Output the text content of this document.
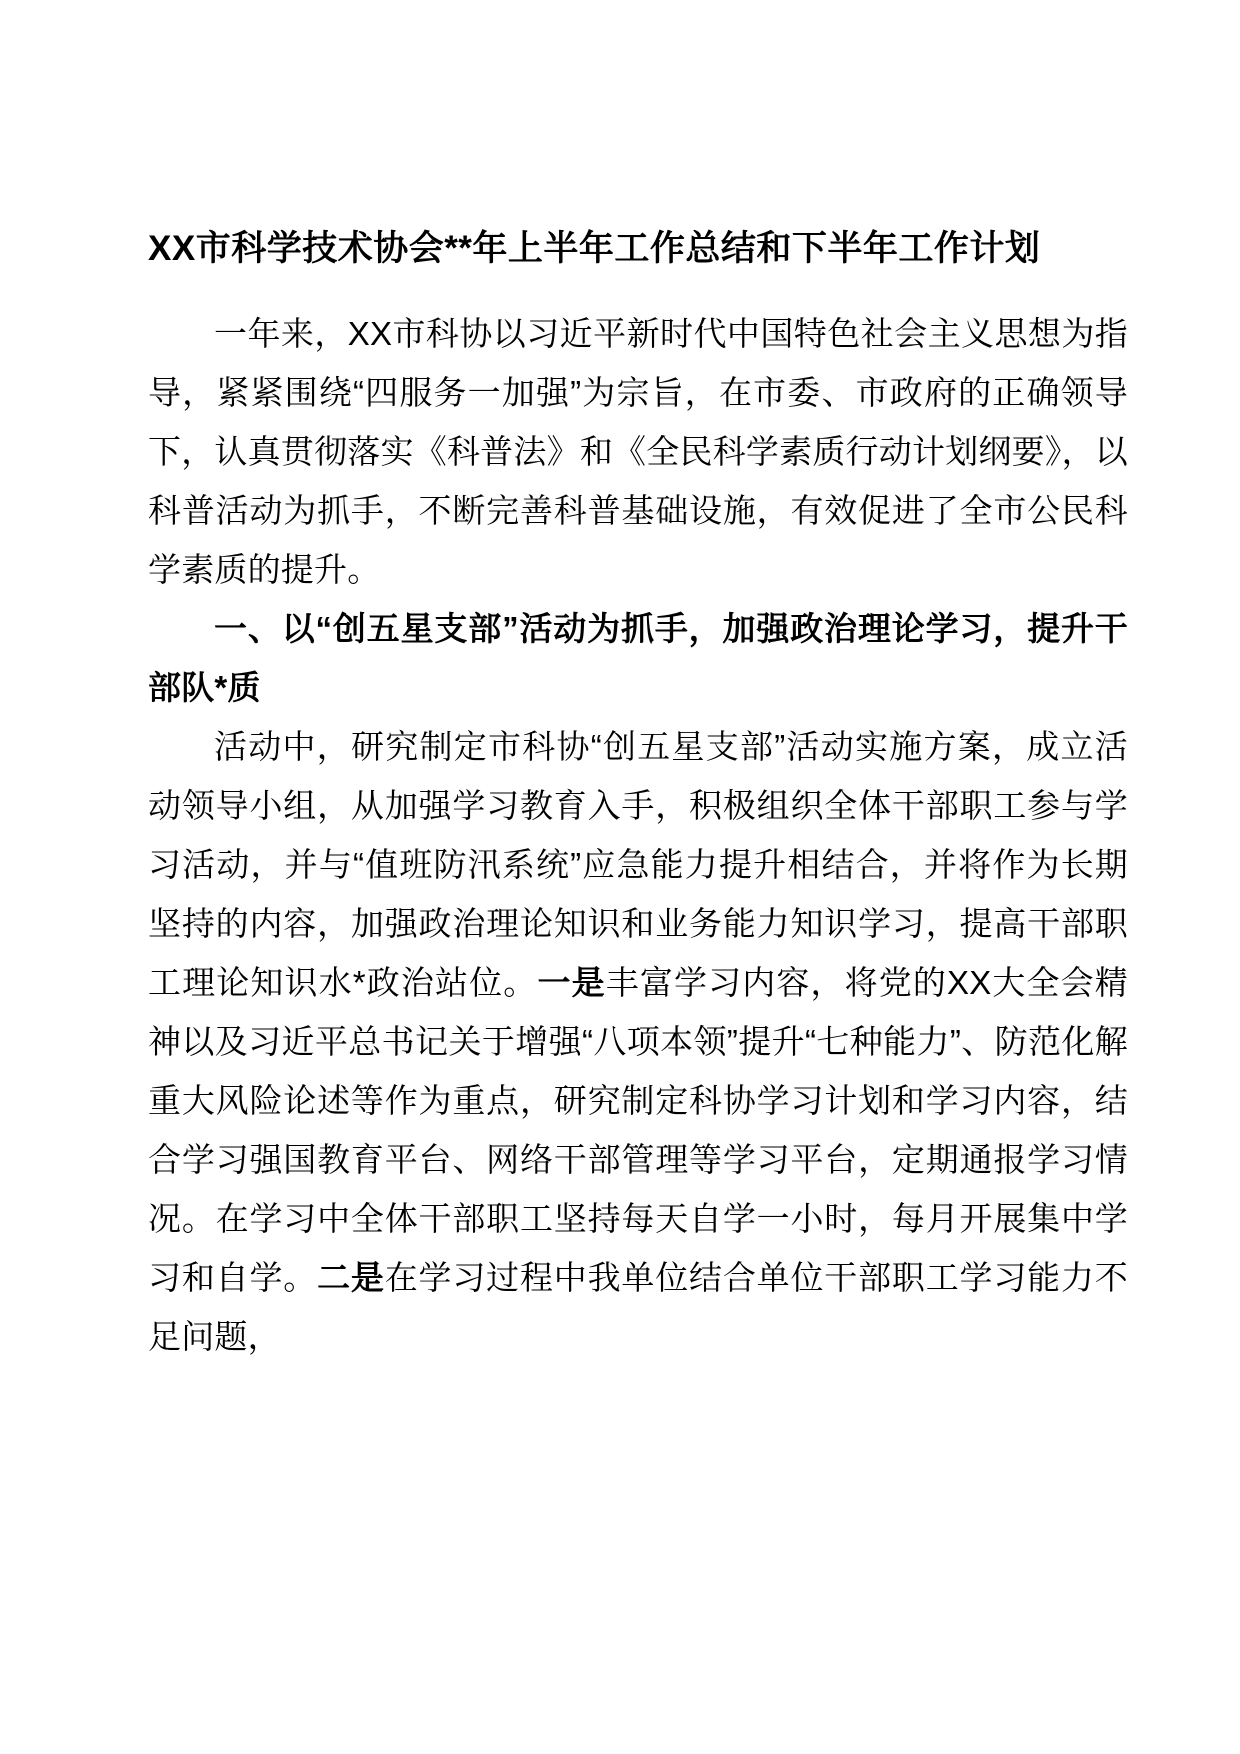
XX市科学技术协会**年上半年工作总结和下半年工作计划

一年来，XX市科协以习近平新时代中国特色社会主义思想为指导，紧紧围绕“四服务一加强”为宗旨，在市委、市政府的正确领导下，认真贯彻落实《科普法》和《全民科学素质行动计划纲要》，以科普活动为抓手，不断完善科普基础设施，有效促进了全市公民科学素质的提升。

一、以“创五星支部”活动为抓手，加强政治理论学习，提升干部队*质

活动中，研究制定市科协“创五星支部”活动实施方案，成立活动领导小组，从加强学习教育入手，积极组织全体干部职工参与学习活动，并与“值班防汛系统”应急能力提升相结合，并将作为长期坚持的内容，加强政治理论知识和业务能力知识学习，提高干部职工理论知识水*政治站位。一是丰富学习内容，将党的XX大全会精神以及习近平总书记关于增强“八项本领”提升“七种能力”、防范化解重大风险论述等作为重点，研究制定科协学习计划和学习内容，结合学习强国教育平台、网络干部管理等学习平台，定期通报学习情况。在学习中全体干部职工坚持每天自学一小时，每月开展集中学习和自学。二是在学习过程中我单位结合单位干部职工学习能力不足问题，
